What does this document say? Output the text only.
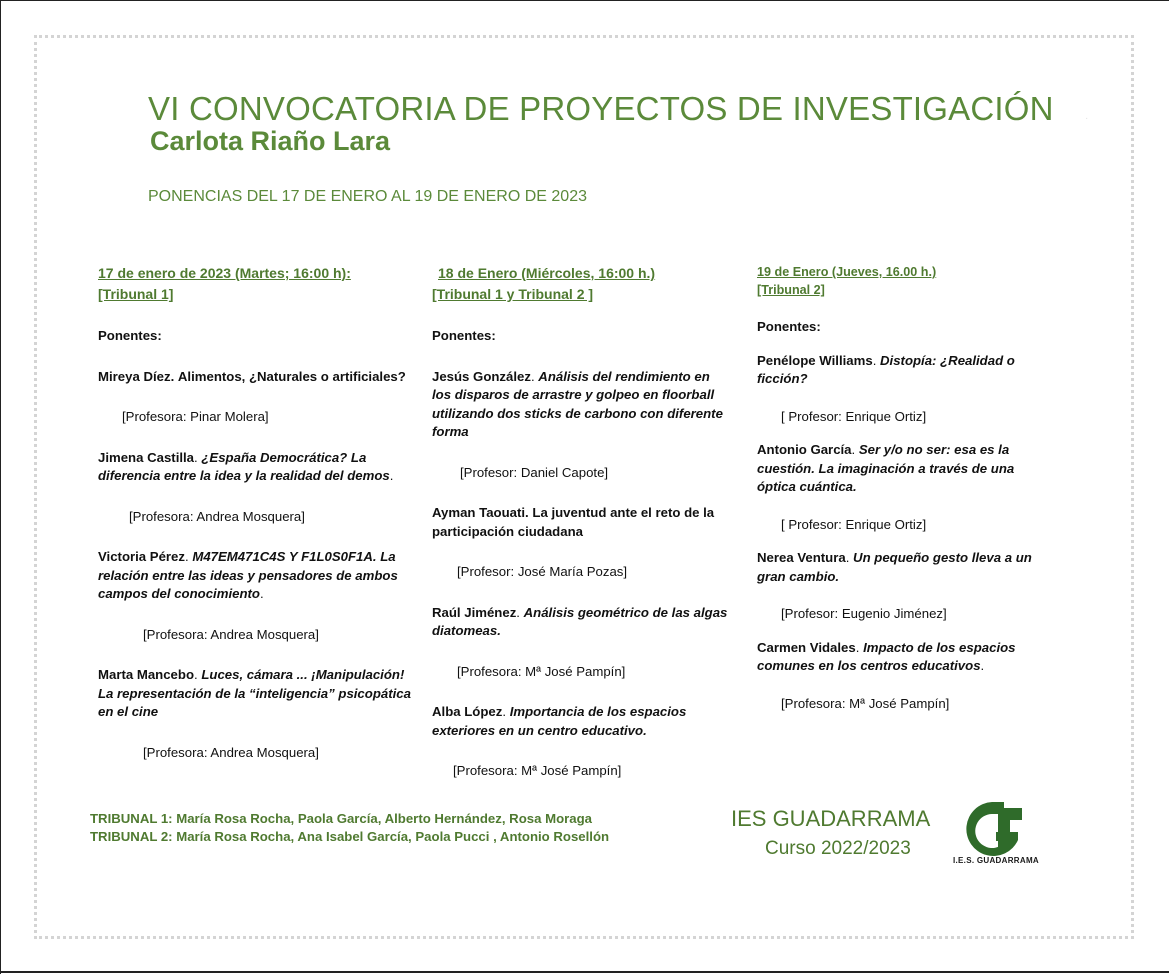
·
VI CONVOCATORIA DE PROYECTOS DE INVESTIGACIÓN
Carlota Riaño Lara

PONENCIAS DEL 17 DE ENERO AL 19 DE ENERO DE 2023

17 de enero de 2023 (Martes; 16:00 h):
[Tribunal 1]
Ponentes:
Mireya Díez. Alimentos, ¿Naturales o artificiales?
[Profesora: Pinar Molera]
Jimena Castilla. ¿España Democrática? La diferencia entre la idea y la realidad del demos.
[Profesora: Andrea Mosquera]
Victoria Pérez. M47EM471C4S Y F1L0S0F1A. La relación entre las ideas y pensadores de ambos campos del conocimiento.
[Profesora: Andrea Mosquera]
Marta Mancebo. Luces, cámara ... ¡Manipulación! La representación de la “inteligencia” psicopática en el cine
[Profesora: Andrea Mosquera]
18 de Enero (Miércoles, 16:00 h.)
[Tribunal 1 y Tribunal 2 ]
Ponentes:
Jesús González. Análisis del rendimiento en los disparos de arrastre y golpeo en floorball utilizando dos sticks de carbono con diferente forma
[Profesor: Daniel Capote]
Ayman Taouati. La juventud ante el reto de la participación ciudadana
[Profesor: José María Pozas]
Raúl Jiménez. Análisis geométrico de las algas diatomeas.
[Profesora: Mª José Pampín]
Alba López. Importancia de los espacios exteriores en un centro educativo.
[Profesora: Mª José Pampín]
19 de Enero (Jueves, 16.00 h.)
[Tribunal 2]
Ponentes:
Penélope Williams. Distopía: ¿Realidad o ficción?
[ Profesor: Enrique Ortiz]
Antonio García. Ser y/o no ser: esa es la cuestión. La imaginación a través de una óptica cuántica.
[ Profesor: Enrique Ortiz]
Nerea Ventura. Un pequeño gesto lleva a un gran cambio.
[Profesor: Eugenio Jiménez]
Carmen Vidales. Impacto de los espacios comunes en los centros educativos.
[Profesora: Mª José Pampín]
TRIBUNAL 1: María Rosa Rocha, Paola García, Alberto Hernández, Rosa Moraga
TRIBUNAL 2: María Rosa Rocha, Ana Isabel García, Paola Pucci , Antonio Rosellón
IES GUADARRAMA
Curso 2022/2023
I.E.S. GUADARRAMA
